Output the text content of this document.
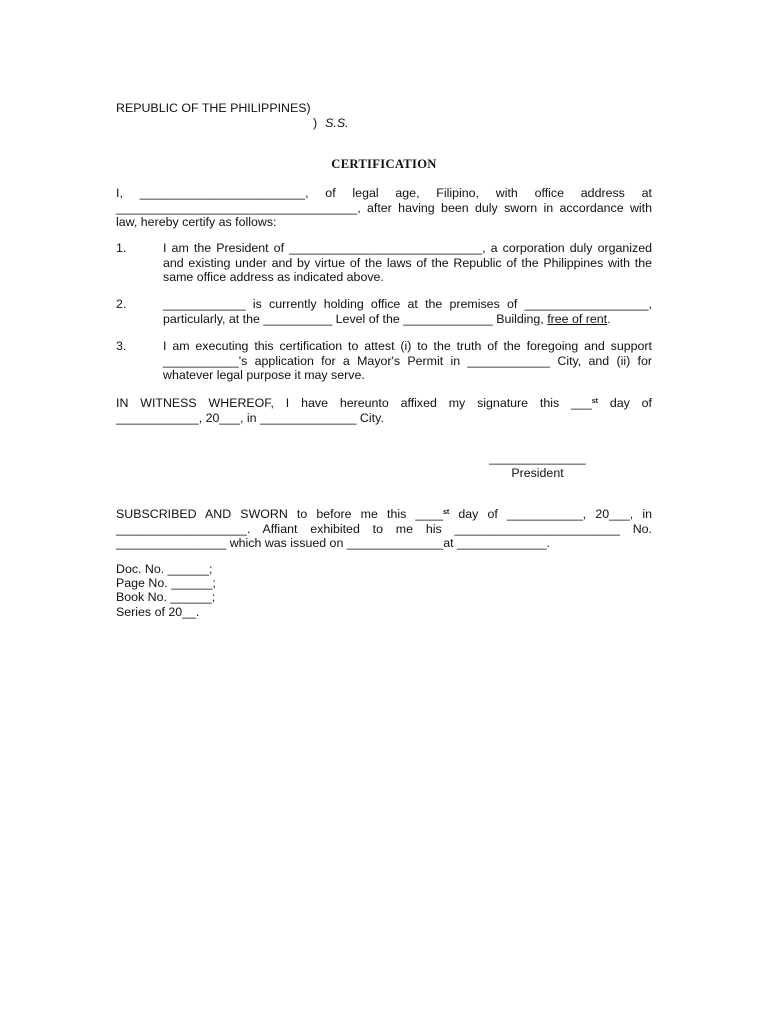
REPUBLIC OF THE PHILIPPINES)
) S.S.
CERTIFICATION
I, ________________________, of legal age, Filipino, with office address at
___________________________________, after having been duly sworn in accordance with
law, hereby certify as follows:
1.	I am the President of ____________________________, a corporation duly organized
and existing under and by virtue of the laws of the Republic of the Philippines with the
same office address as indicated above.
2.	____________ is currently holding office at the premises of __________________,
particularly, at the __________ Level of the _____________ Building, free of rent.
3.	I am executing this certification to attest (i) to the truth of the foregoing and support
___________'s application for a Mayor's Permit in ____________ City, and (ii) for
whatever legal purpose it may serve.
IN WITNESS WHEREOF, I have hereunto affixed my signature this ___$^{st}$ day of
____________, 20___, in ______________ City.
______________
President
SUBSCRIBED AND SWORN to before me this ____$^{st}$ day of ___________, 20___, in
___________________. Affiant exhibited to me his ________________________ No.
________________ which was issued on ______________at _____________.
Doc. No. ______;
Page No. ______;
Book No. ______;
Series of 20__.
